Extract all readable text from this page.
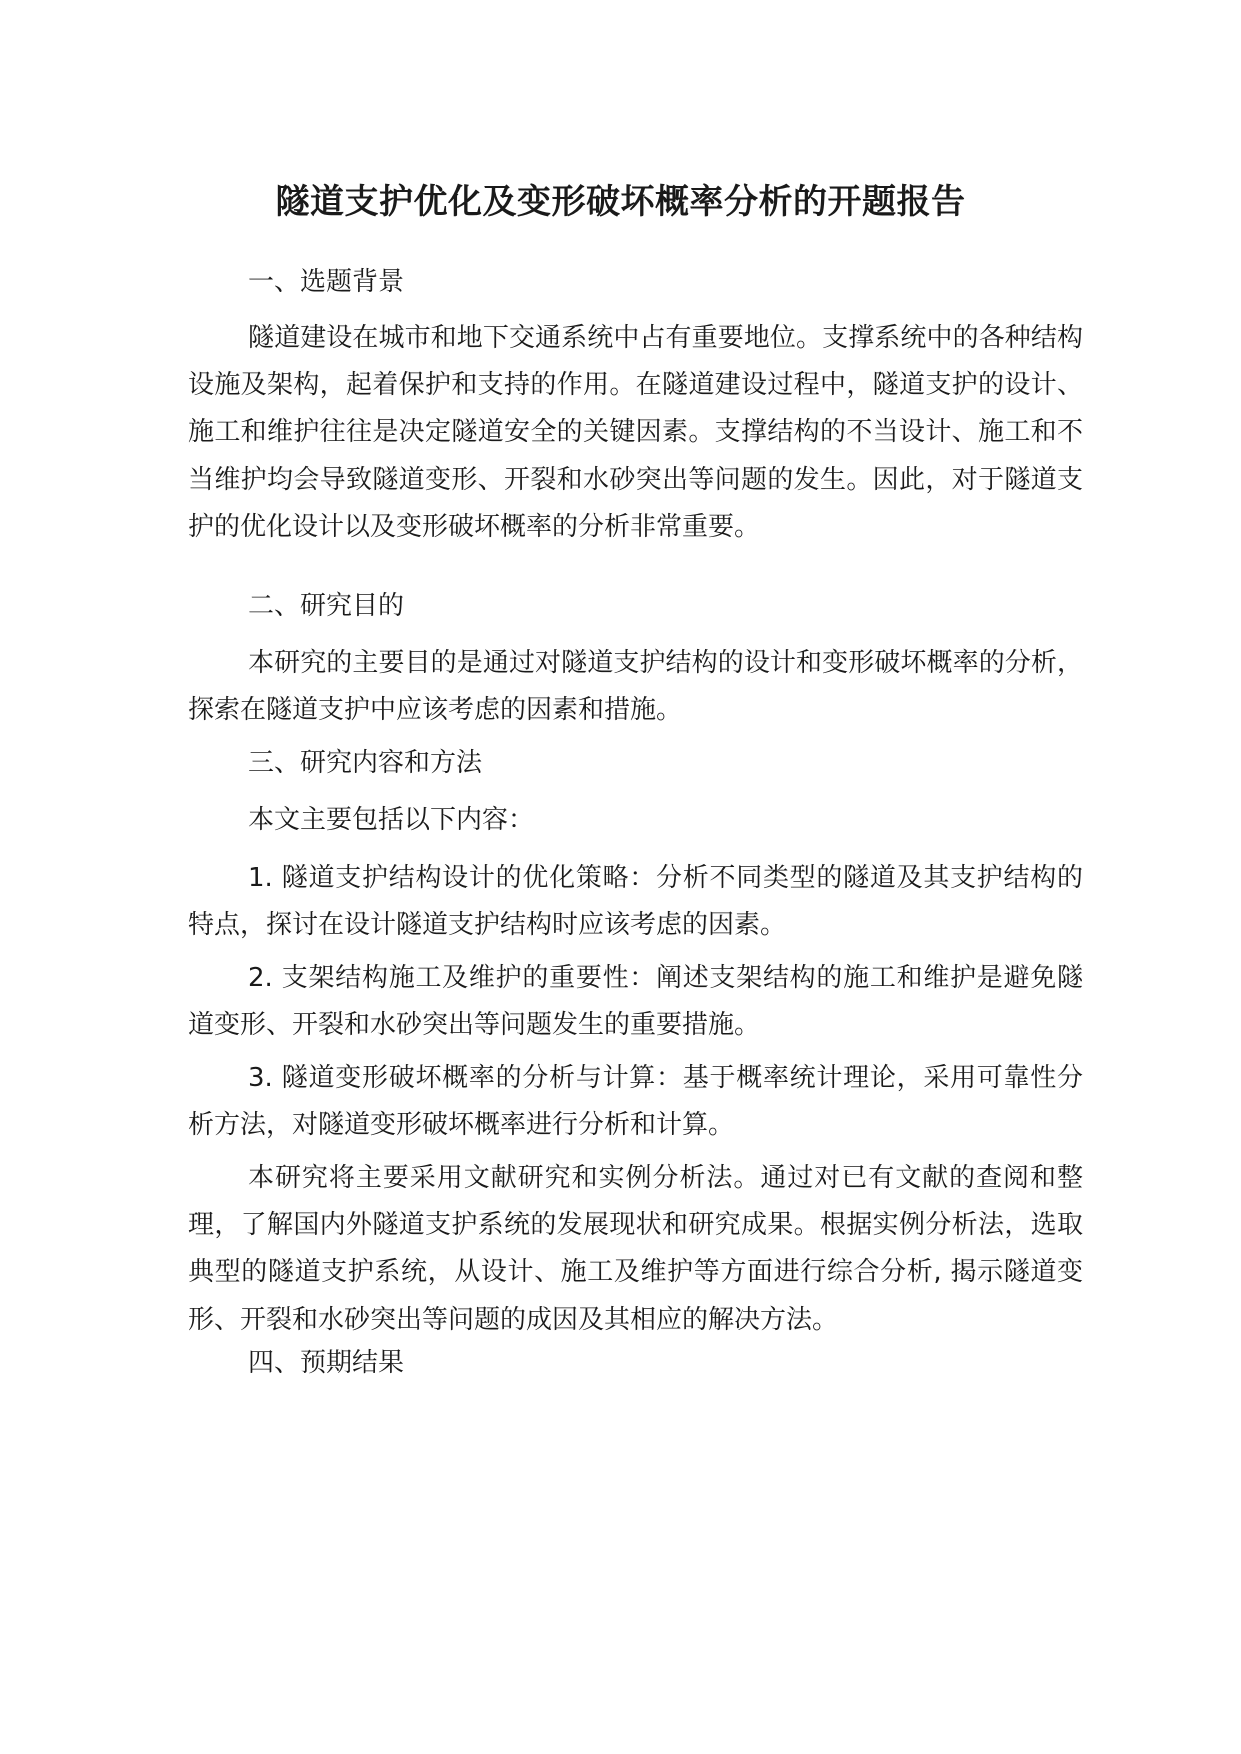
隧道支护优化及变形破坏概率分析的开题报告
一、选题背景
隧道建设在城市和地下交通系统中占有重要地位。支撑系统中的各种结构设施及架构，起着保护和支持的作用。在隧道建设过程中，隧道支护的设计、施工和维护往往是决定隧道安全的关键因素。支撑结构的不当设计、施工和不当维护均会导致隧道变形、开裂和水砂突出等问题的发生。因此，对于隧道支护的优化设计以及变形破坏概率的分析非常重要。
二、研究目的
本研究的主要目的是通过对隧道支护结构的设计和变形破坏概率的分析，探索在隧道支护中应该考虑的因素和措施。
三、研究内容和方法
本文主要包括以下内容：
1. 隧道支护结构设计的优化策略：分析不同类型的隧道及其支护结构的特点，探讨在设计隧道支护结构时应该考虑的因素。
2. 支架结构施工及维护的重要性：阐述支架结构的施工和维护是避免隧道变形、开裂和水砂突出等问题发生的重要措施。
3. 隧道变形破坏概率的分析与计算：基于概率统计理论，采用可靠性分析方法，对隧道变形破坏概率进行分析和计算。
本研究将主要采用文献研究和实例分析法。通过对已有文献的查阅和整理，了解国内外隧道支护系统的发展现状和研究成果。根据实例分析法，选取典型的隧道支护系统，从设计、施工及维护等方面进行综合分析, 揭示隧道变形、开裂和水砂突出等问题的成因及其相应的解决方法。
四、预期结果
